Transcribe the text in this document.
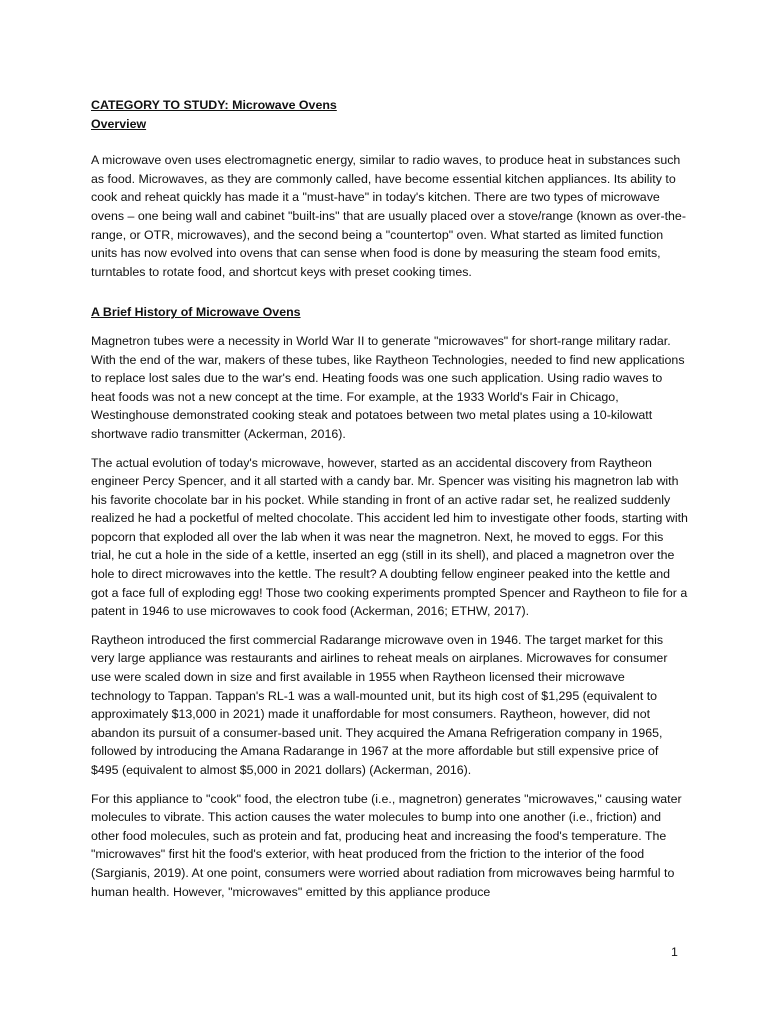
CATEGORY TO STUDY: Microwave Ovens
Overview

A microwave oven uses electromagnetic energy, similar to radio waves, to produce heat in substances such as food. Microwaves, as they are commonly called, have become essential kitchen appliances. Its ability to cook and reheat quickly has made it a "must-have" in today's kitchen. There are two types of microwave ovens – one being wall and cabinet "built-ins" that are usually placed over a stove/range (known as over-the-range, or OTR, microwaves), and the second being a "countertop" oven. What started as limited function units has now evolved into ovens that can sense when food is done by measuring the steam food emits, turntables to rotate food, and shortcut keys with preset cooking times.

A Brief History of Microwave Ovens

Magnetron tubes were a necessity in World War II to generate "microwaves" for short-range military radar. With the end of the war, makers of these tubes, like Raytheon Technologies, needed to find new applications to replace lost sales due to the war's end. Heating foods was one such application. Using radio waves to heat foods was not a new concept at the time. For example, at the 1933 World's Fair in Chicago, Westinghouse demonstrated cooking steak and potatoes between two metal plates using a 10-kilowatt shortwave radio transmitter (Ackerman, 2016).

The actual evolution of today's microwave, however, started as an accidental discovery from Raytheon engineer Percy Spencer, and it all started with a candy bar. Mr. Spencer was visiting his magnetron lab with his favorite chocolate bar in his pocket. While standing in front of an active radar set, he realized suddenly realized he had a pocketful of melted chocolate. This accident led him to investigate other foods, starting with popcorn that exploded all over the lab when it was near the magnetron. Next, he moved to eggs. For this trial, he cut a hole in the side of a kettle, inserted an egg (still in its shell), and placed a magnetron over the hole to direct microwaves into the kettle. The result? A doubting fellow engineer peaked into the kettle and got a face full of exploding egg! Those two cooking experiments prompted Spencer and Raytheon to file for a patent in 1946 to use microwaves to cook food (Ackerman, 2016; ETHW, 2017).

Raytheon introduced the first commercial Radarange microwave oven in 1946. The target market for this very large appliance was restaurants and airlines to reheat meals on airplanes. Microwaves for consumer use were scaled down in size and first available in 1955 when Raytheon licensed their microwave technology to Tappan. Tappan's RL-1 was a wall-mounted unit, but its high cost of $1,295 (equivalent to approximately $13,000 in 2021) made it unaffordable for most consumers. Raytheon, however, did not abandon its pursuit of a consumer-based unit. They acquired the Amana Refrigeration company in 1965, followed by introducing the Amana Radarange in 1967 at the more affordable but still expensive price of $495 (equivalent to almost $5,000 in 2021 dollars) (Ackerman, 2016).

For this appliance to "cook" food, the electron tube (i.e., magnetron) generates "microwaves," causing water molecules to vibrate. This action causes the water molecules to bump into one another (i.e., friction) and other food molecules, such as protein and fat, producing heat and increasing the food's temperature. The "microwaves" first hit the food's exterior, with heat produced from the friction to the interior of the food (Sargianis, 2019). At one point, consumers were worried about radiation from microwaves being harmful to human health. However, "microwaves" emitted by this appliance produce

1
